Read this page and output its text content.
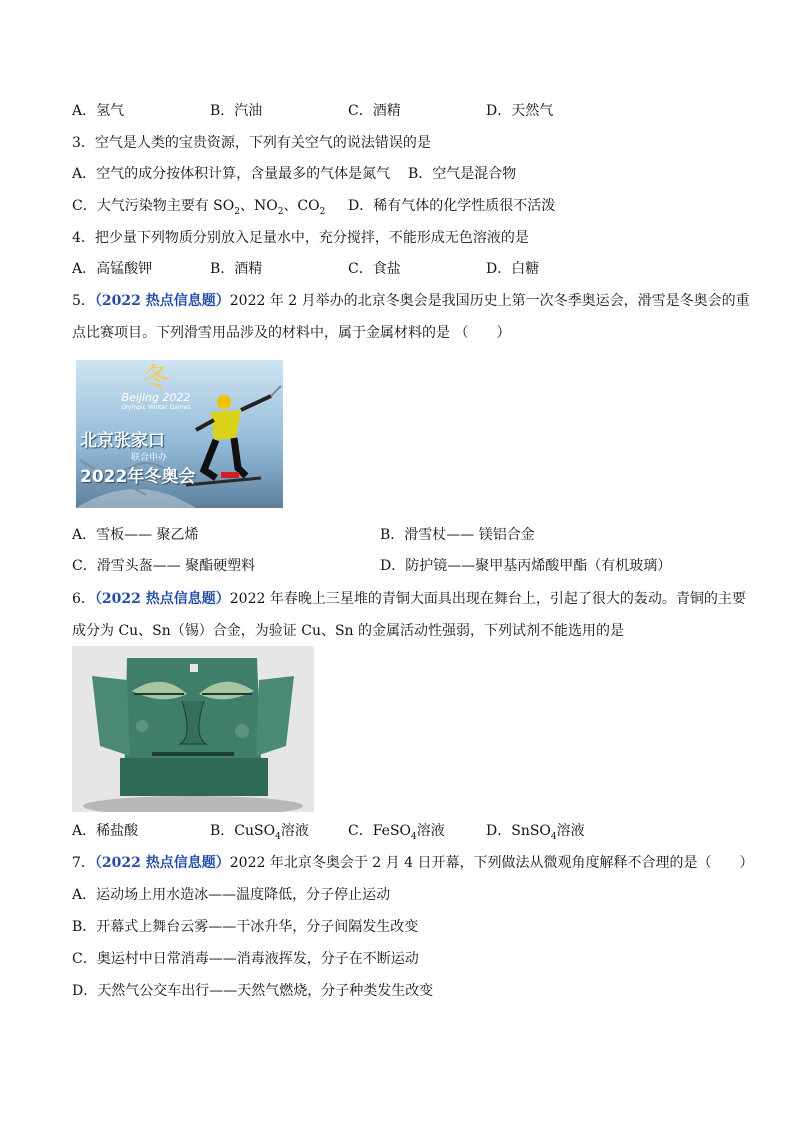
A．氢气	B．汽油	C．酒精	D．天然气
3．空气是人类的宝贵资源，下列有关空气的说法错误的是
A．空气的成分按体积计算，含量最多的气体是氮气 B．空气是混合物
C．大气污染物主要有 $SO_2$、$NO_2$、$CO_2$ D．稀有气体的化学性质很不活泼
4．把少量下列物质分别放入足量水中，充分搅拌，不能形成无色溶液的是
A．高锰酸钾	B．酒精	C．食盐	D．白糖
5．（2022 热点信息题）2022 年 2 月举办的北京冬奥会是我国历史上第一次冬季奥运会，滑雪是冬奥会的重
点比赛项目。下列滑雪用品涉及的材料中，属于金属材料的是 （　　）
冬
Beijing 2022
Olympic Winter Games
北京张家口
联合申办
2022年冬奥会
A．雪板—— 聚乙烯	B．滑雪杖—— 镁铝合金
C．滑雪头盔—— 聚酯硬塑料	D．防护镜——聚甲基丙烯酸甲酯（有机玻璃）
6．（2022 热点信息题）2022 年春晚上三星堆的青铜大面具出现在舞台上，引起了很大的轰动。青铜的主要
成分为 Cu、Sn（锡）合金，为验证 Cu、Sn 的金属活动性强弱，下列试剂不能选用的是
A．稀盐酸	B．CuSO$_4$溶液	C．FeSO$_4$溶液	D．SnSO$_4$溶液
7．（2022 热点信息题）2022 年北京冬奥会于 2 月 4 日开幕，下列做法从微观角度解释不合理的是（　　）
A．运动场上用水造冰——温度降低，分子停止运动
B．开幕式上舞台云雾——干冰升华，分子间隔发生改变
C．奥运村中日常消毒——消毒液挥发，分子在不断运动
D．天然气公交车出行——天然气燃烧，分子种类发生改变
